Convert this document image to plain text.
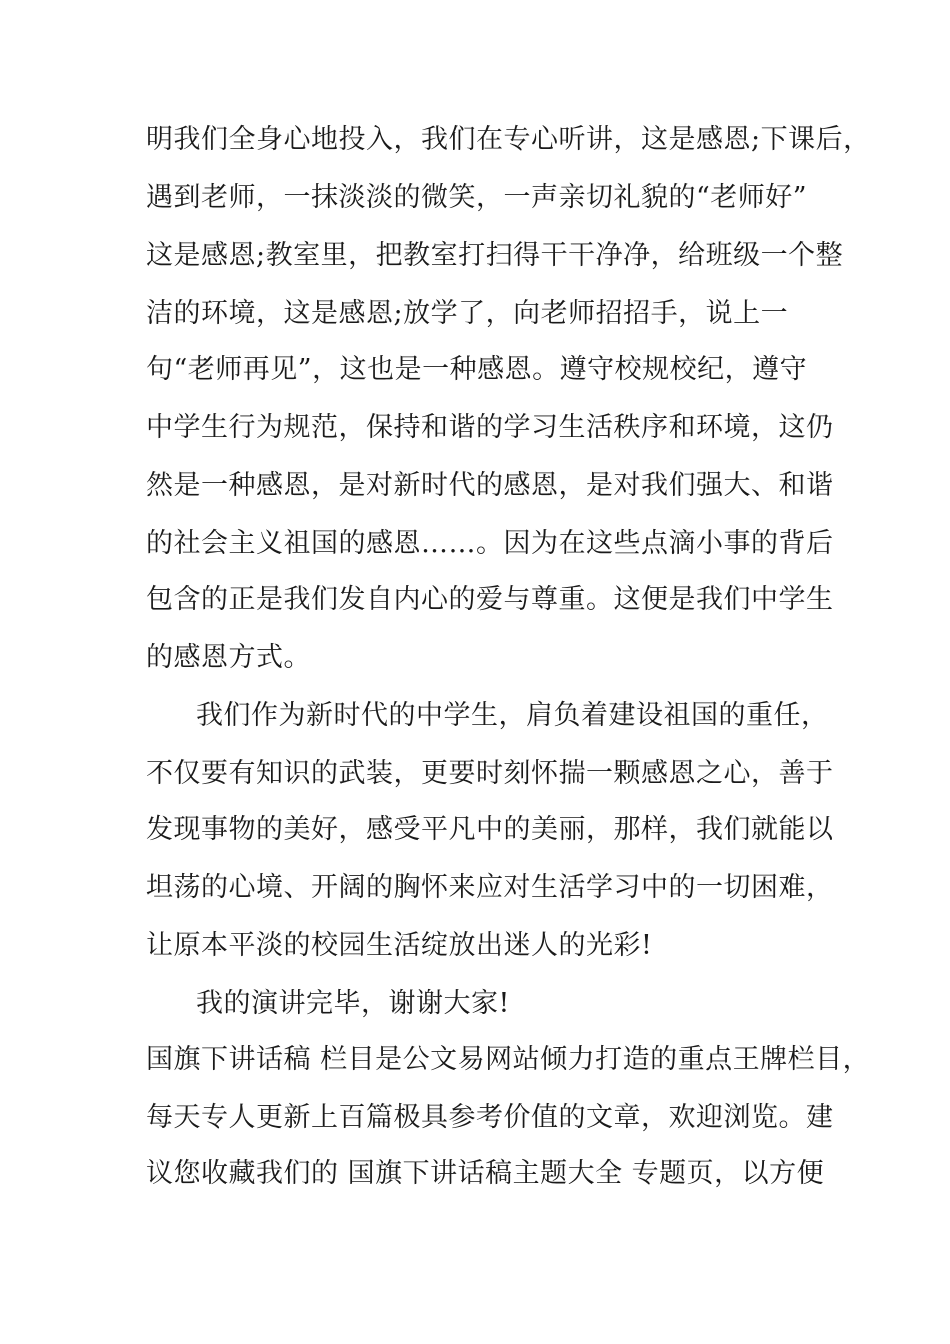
明我们全身心地投入，我们在专心听讲，这是感恩;下课后，
遇到老师，一抹淡淡的微笑，一声亲切礼貌的“老师好”
这是感恩;教室里，把教室打扫得干干净净，给班级一个整
洁的环境，这是感恩;放学了，向老师招招手，说上一
句“老师再见”，这也是一种感恩。遵守校规校纪，遵守
中学生行为规范，保持和谐的学习生活秩序和环境，这仍
然是一种感恩，是对新时代的感恩，是对我们强大、和谐
的社会主义祖国的感恩……。因为在这些点滴小事的背后
包含的正是我们发自内心的爱与尊重。这便是我们中学生
的感恩方式。
我们作为新时代的中学生，肩负着建设祖国的重任，
不仅要有知识的武装，更要时刻怀揣一颗感恩之心，善于
发现事物的美好，感受平凡中的美丽，那样，我们就能以
坦荡的心境、开阔的胸怀来应对生活学习中的一切困难，
让原本平淡的校园生活绽放出迷人的光彩!
我的演讲完毕，谢谢大家!
国旗下讲话稿 栏目是公文易网站倾力打造的重点王牌栏目，
每天专人更新上百篇极具参考价值的文章，欢迎浏览。建
议您收藏我们的 国旗下讲话稿主题大全 专题页，以方便
